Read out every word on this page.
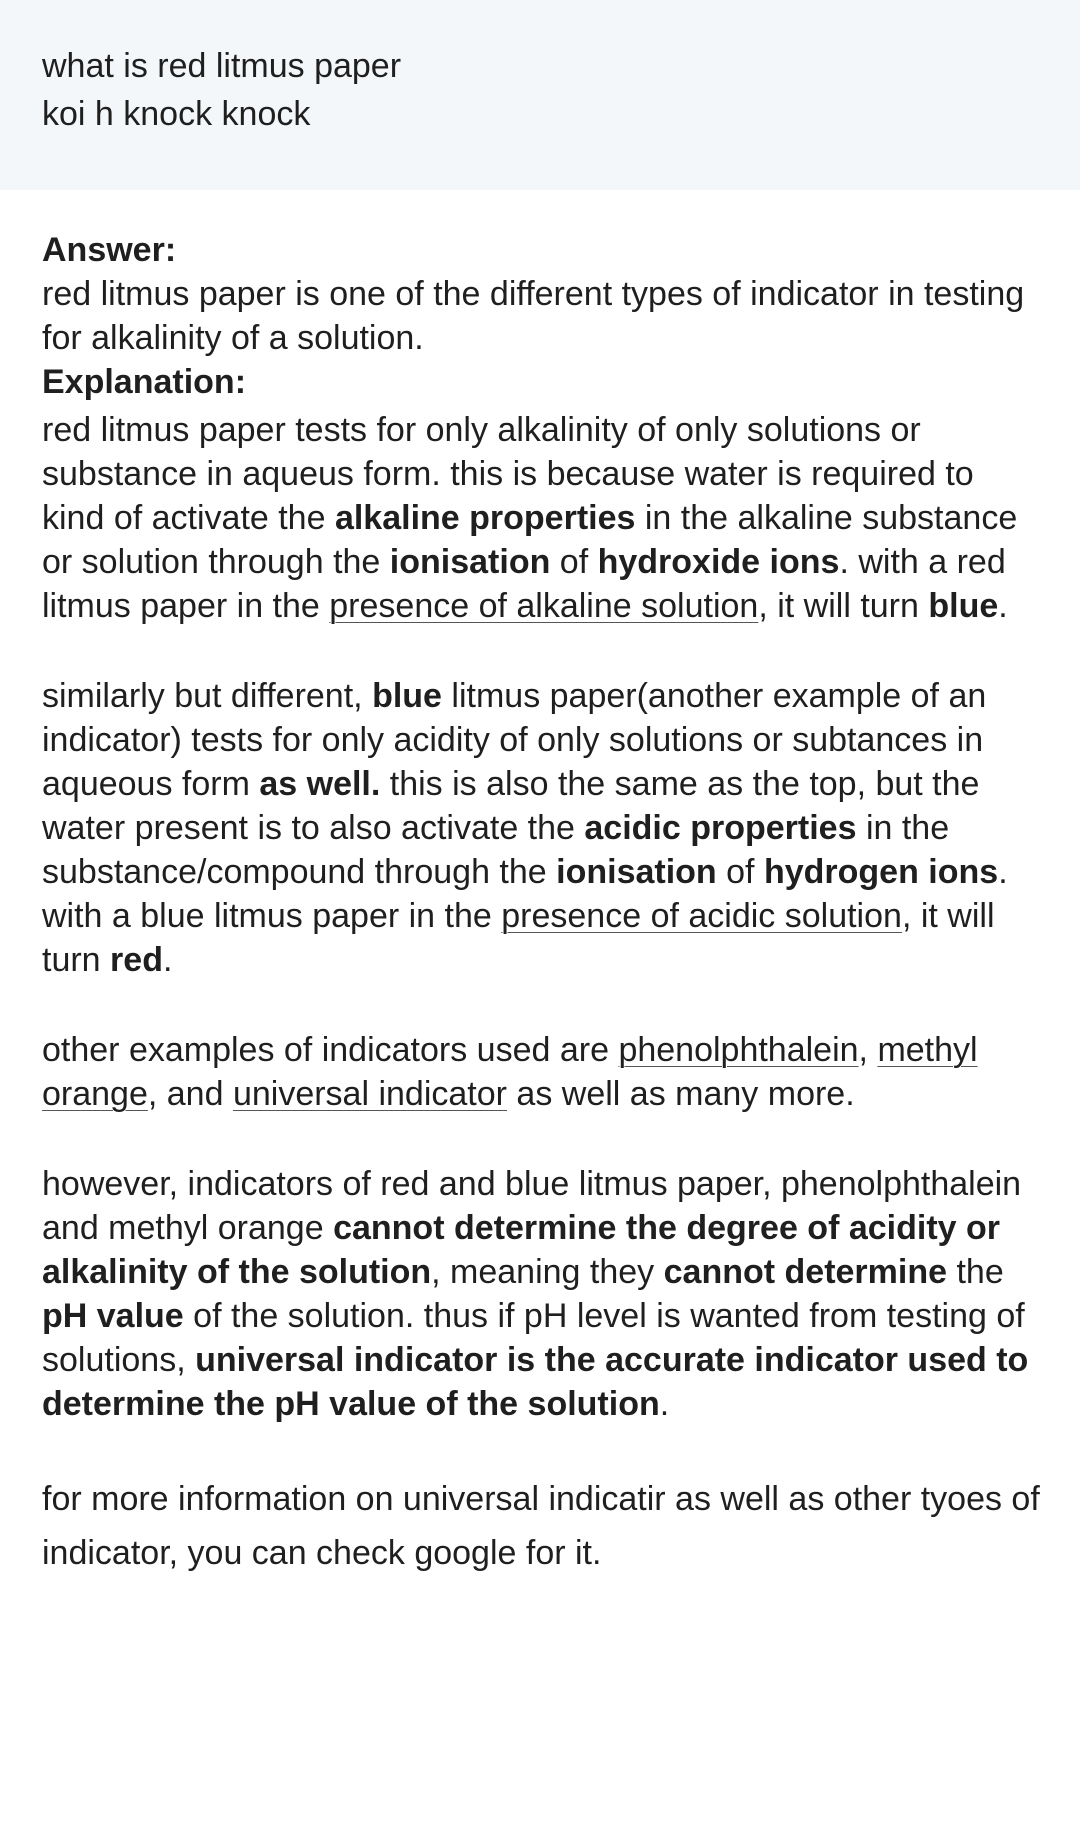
what is red litmus paper

koi h knock knock

Answer:

red litmus paper is one of the different types of indicator in testing for alkalinity of a solution.

Explanation:

red litmus paper tests for only alkalinity of only solutions or substance in aqueus form. this is because water is required to kind of activate the alkaline properties in the alkaline substance or solution through the ionisation of hydroxide ions. with a red litmus paper in the presence of alkaline solution, it will turn blue.

similarly but different, blue litmus paper(another example of an indicator) tests for only acidity of only solutions or subtances in aqueous form as well. this is also the same as the top, but the water present is to also activate the acidic properties in the substance/compound through the ionisation of hydrogen ions. with a blue litmus paper in the presence of acidic solution, it will turn red.

other examples of indicators used are phenolphthalein, methyl orange, and universal indicator as well as many more.

however, indicators of red and blue litmus paper, phenolphthalein and methyl orange cannot determine the degree of acidity or alkalinity of the solution, meaning they cannot determine the pH value of the solution. thus if pH level is wanted from testing of solutions, universal indicator is the accurate indicator used to determine the pH value of the solution.

for more information on universal indicatir as well as other tyoes of indicator, you can check google for it.
